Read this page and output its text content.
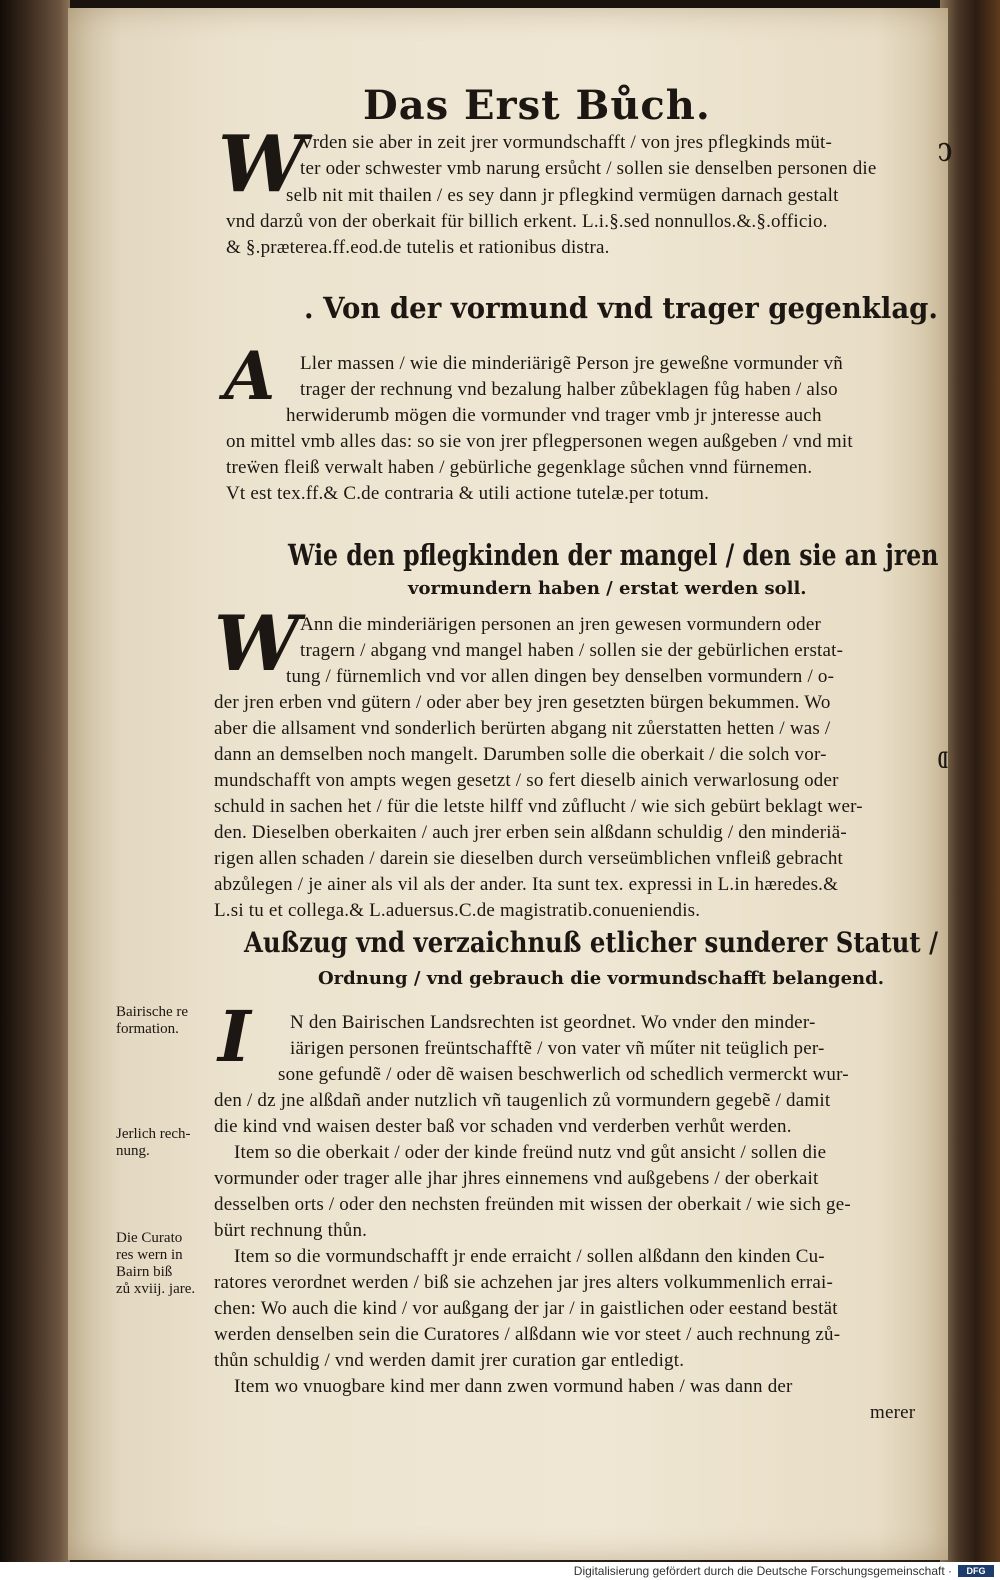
Das Erst Bůch.
C
D
W
Vrden sie aber in zeit jrer vormundschafft / von jres pflegkinds müt-
ter oder schwester vmb narung ersůcht / sollen sie denselben personen die
selb nit mit thailen / es sey dann jr pflegkind vermügen darnach gestalt
vnd darzů von der oberkait für billich erkent. L.i.§.sed nonnullos.&.§.officio.
& §.præterea.ff.eod.de tutelis et rationibus distra.
. Von der vormund vnd trager gegenklag.
A Ller massen / wie die minderiärigẽ Person jre geweßne vormunder vñ
trager der rechnung vnd bezalung halber zůbeklagen fůg haben / also
herwiderumb mögen die vormunder vnd trager vmb jr jnteresse auch
on mittel vmb alles das: so sie von jrer pflegpersonen wegen außgeben / vnd mit
treẅen fleiß verwalt haben / gebürliche gegenklage sůchen vnnd fürnemen.
Vt est tex.ff.& C.de contraria & utili actione tutelæ.per totum.
Wie den pflegkinden der mangel / den sie an jren
vormundern haben / erstat werden soll.
W Ann die minderiärigen personen an jren gewesen vormundern oder
tragern / abgang vnd mangel haben / sollen sie der gebürlichen erstat-
tung / fürnemlich vnd vor allen dingen bey denselben vormundern / o-
der jren erben vnd gütern / oder aber bey jren gesetzten bürgen bekummen. Wo
aber die allsament vnd sonderlich berürten abgang nit zůerstatten hetten / was /
dann an demselben noch mangelt. Darumben solle die oberkait / die solch vor-
mundschafft von ampts wegen gesetzt / so fert dieselb ainich verwarlosung oder
schuld in sachen het / für die letste hilff vnd zůflucht / wie sich gebürt beklagt wer-
den. Dieselben oberkaiten / auch jrer erben sein alßdann schuldig / den minderiä-
rigen allen schaden / darein sie dieselben durch verseümblichen vnfleiß gebracht
abzůlegen / je ainer als vil als der ander. Ita sunt tex. expressi in L.in hæredes.&
L.si tu et collega.& L.aduersus.C.de magistratib.conueniendis.
Außzug vnd verzaichnuß etlicher sunderer Statut /
Ordnung / vnd gebrauch die vormundschafft belangend.
Bairische re
formation.
Jerlich rech-
nung.
Die Curato
res wern in
Bairn biß
zů xviij. jare.
I N den Bairischen Landsrechten ist geordnet. Wo vnder den minder-
iärigen personen freüntschafftẽ / von vater vñ műter nit teüglich per-
sone gefundẽ / oder dẽ waisen beschwerlich od schedlich vermerckt wur-
den / dz jne alßdañ ander nutzlich vñ taugenlich zů vormundern gegebẽ / damit
die kind vnd waisen dester baß vor schaden vnd verderben verhůt werden.
Item so die oberkait / oder der kinde freünd nutz vnd gůt ansicht / sollen die
vormunder oder trager alle jhar jhres einnemens vnd außgebens / der oberkait
desselben orts / oder den nechsten freünden mit wissen der oberkait / wie sich ge-
bürt rechnung thůn.
Item so die vormundschafft jr ende erraicht / sollen alßdann den kinden Cu-
ratores verordnet werden / biß sie achzehen jar jres alters volkummenlich errai-
chen: Wo auch die kind / vor außgang der jar / in gaistlichen oder eestand bestät
werden denselben sein die Curatores / alßdann wie vor steet / auch rechnung zů-
thůn schuldig / vnd werden damit jrer curation gar entledigt.
Item wo vnuogbare kind mer dann zwen vormund haben / was dann der
merer
Digitalisierung gefördert durch die Deutsche Forschungsgemeinschaft ·	DFG
